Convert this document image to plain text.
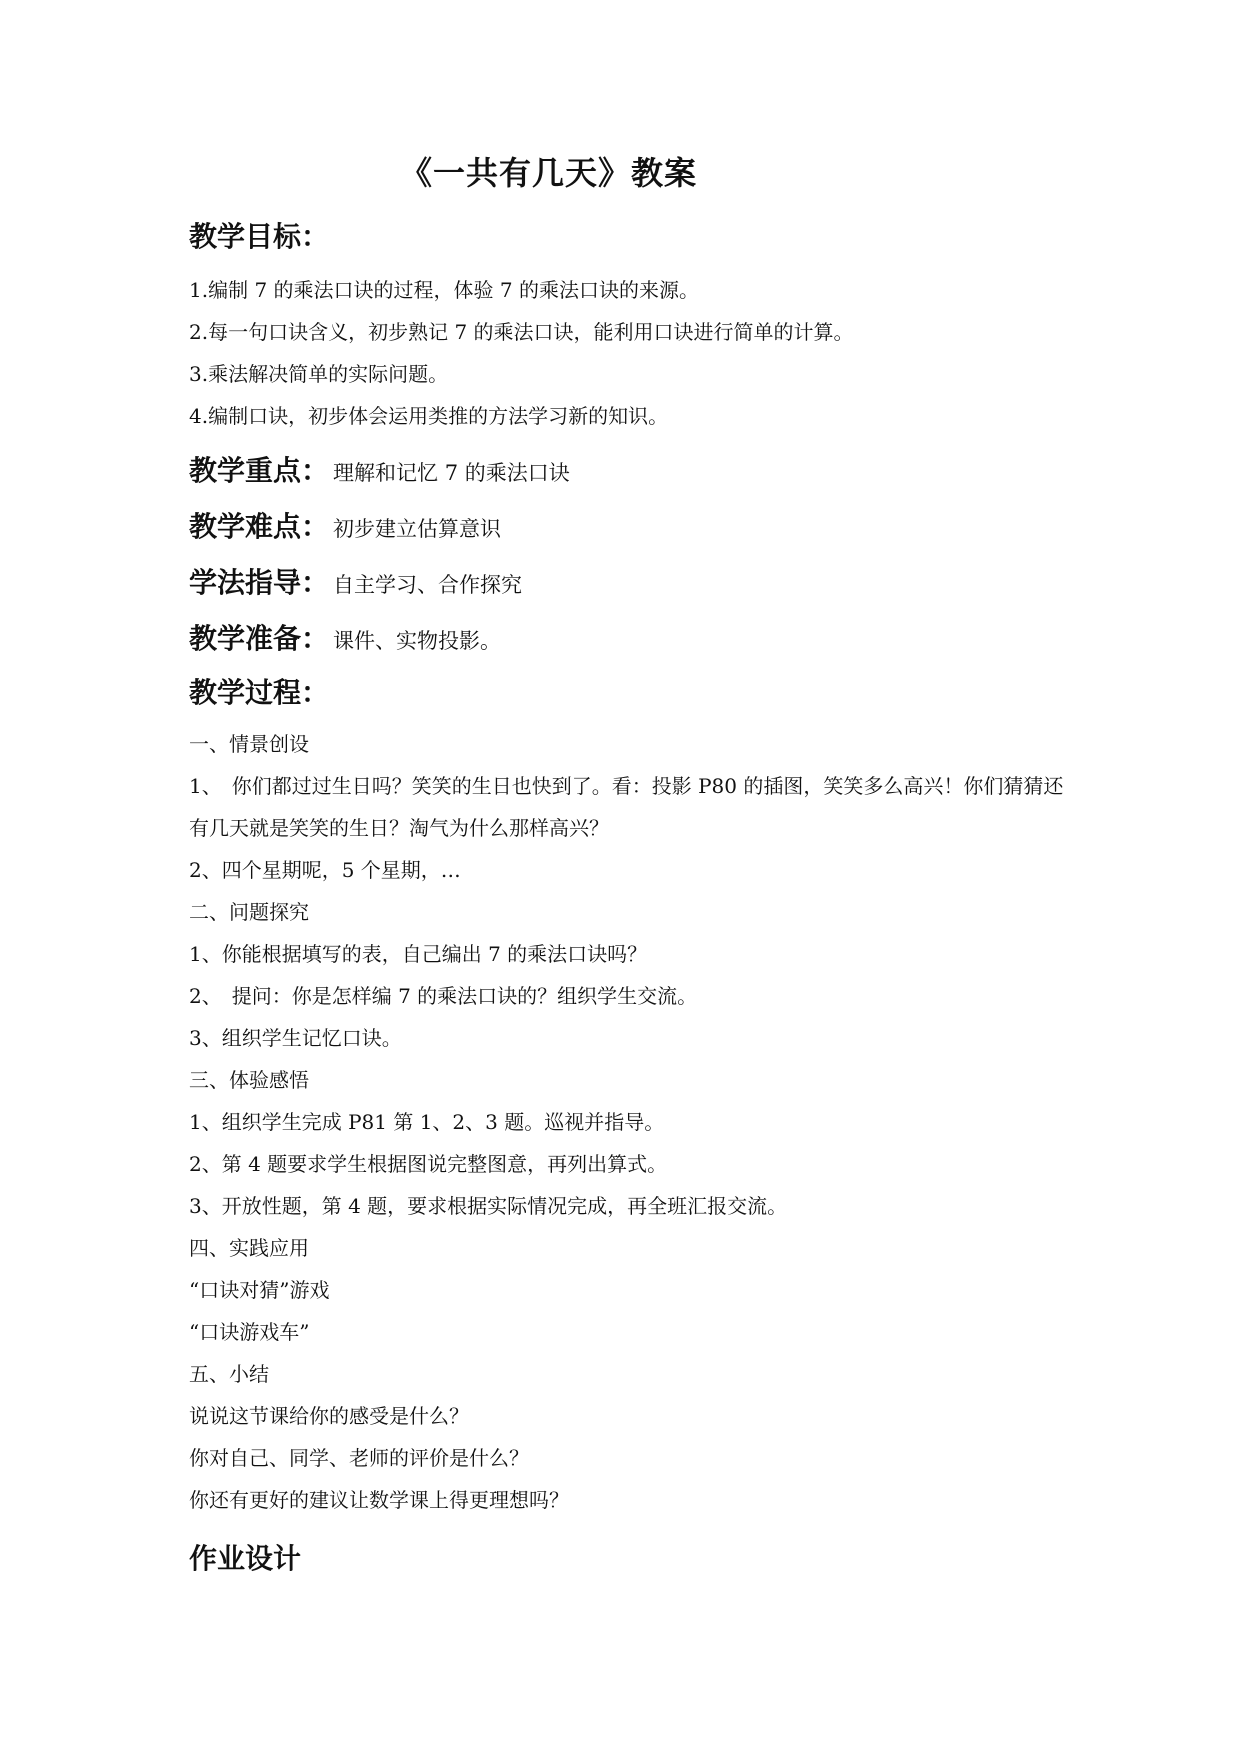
《一共有几天》教案
教学目标：
1.编制 7 的乘法口诀的过程，体验 7 的乘法口诀的来源。
2.每一句口诀含义，初步熟记 7 的乘法口诀，能利用口诀进行简单的计算。
3.乘法解决简单的实际问题。
4.编制口诀，初步体会运用类推的方法学习新的知识。
教学重点： 理解和记忆 7 的乘法口诀
教学难点： 初步建立估算意识
学法指导： 自主学习、合作探究
教学准备： 课件、实物投影。
教学过程：
一、情景创设
1、　你们都过过生日吗？笑笑的生日也快到了。看：投影 P80 的插图，笑笑多么高兴！你们猜猜还有几天就是笑笑的生日？淘气为什么那样高兴？
2、四个星期呢，5 个星期，…
二、问题探究
1、你能根据填写的表，自己编出 7 的乘法口诀吗？
2、　提问：你是怎样编 7 的乘法口诀的？组织学生交流。
3、组织学生记忆口诀。
三、体验感悟
1、组织学生完成 P81 第 1、2、3 题。巡视并指导。
2、第 4 题要求学生根据图说完整图意，再列出算式。
3、开放性题，第 4 题，要求根据实际情况完成，再全班汇报交流。
四、实践应用
“口诀对猜”游戏
“口诀游戏车”
五、小结
说说这节课给你的感受是什么？
你对自己、同学、老师的评价是什么？
你还有更好的建议让数学课上得更理想吗？
作业设计
